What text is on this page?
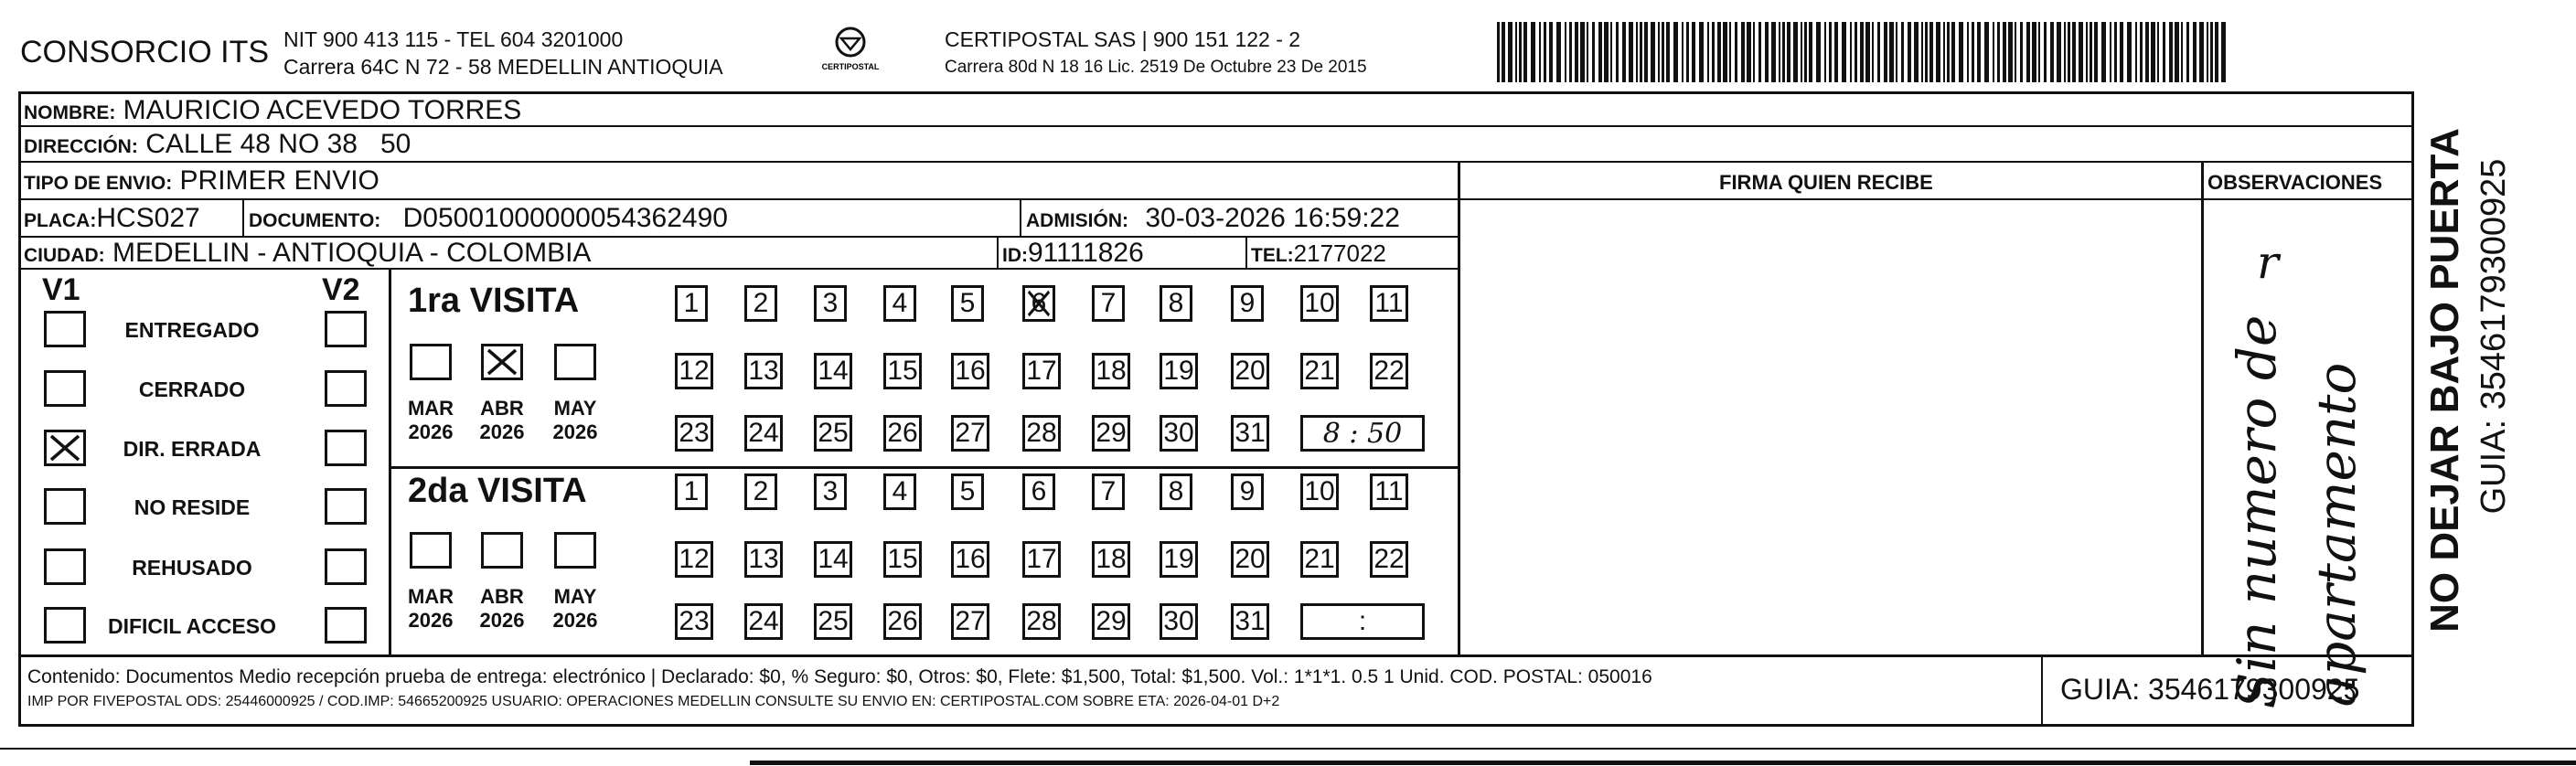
CONSORCIO ITS NIT 900 413 115 - TEL 604 3201000
Carrera 64C N 72 - 58 MEDELLIN ANTIOQUIA	CERTIPOSTAL
CERTIPOSTAL SAS | 900 151 122 - 2
Carrera 80d N 18 16 Lic. 2519 De Octubre 23 De 2015
NOMBRE: MAURICIO ACEVEDO TORRES
DIRECCIÓN: CALLE 48 NO 38   50
TIPO DE ENVIO: PRIMER ENVIO	FIRMA QUIEN RECIBE	OBSERVACIONES
PLACA:HCS027	DOCUMENTO: D05001000000054362490	ADMISIÓN: 30-03-2026 16:59:22
CIUDAD: MEDELLIN - ANTIOQUIA - COLOMBIA	ID:91111826	TEL:2177022
V1	V2
ENTREGADO
CERRADO
DIR. ERRADA
NO RESIDE
REHUSADO
DIFICIL ACCESO
1ra VISITA
2da VISITA
MAR
2026
ABR
2026
MAY
2026
1 2 3 4 5 6 7 8 9 10 11
12 13 14 15 16 17 18 19 20 21 22
23 24 25 26 27 28 29 30 31 8 : 50
MAR
2026
ABR
2026
MAY
2026
1 2 3 4 5 6 7 8 9 10 11
12 13 14 15 16 17 18 19 20 21 22
23 24 25 26 27 28 29 30 31	:	Sin numero de apartamento
r	NO DEJAR BAJO PUERTA GUIA: 3546179300925
Contenido: Documentos Medio recepción prueba de entrega: electrónico | Declarado: $0, % Seguro: $0, Otros: $0, Flete: $1,500, Total: $1,500. Vol.: 1*1*1. 0.5 1 Unid. COD. POSTAL: 050016
IMP POR FIVEPOSTAL ODS: 25446000925 / COD.IMP: 54665200925 USUARIO: OPERACIONES MEDELLIN CONSULTE SU ENVIO EN: CERTIPOSTAL.COM SOBRE ETA: 2026-04-01 D+2	GUIA: 3546179300925
